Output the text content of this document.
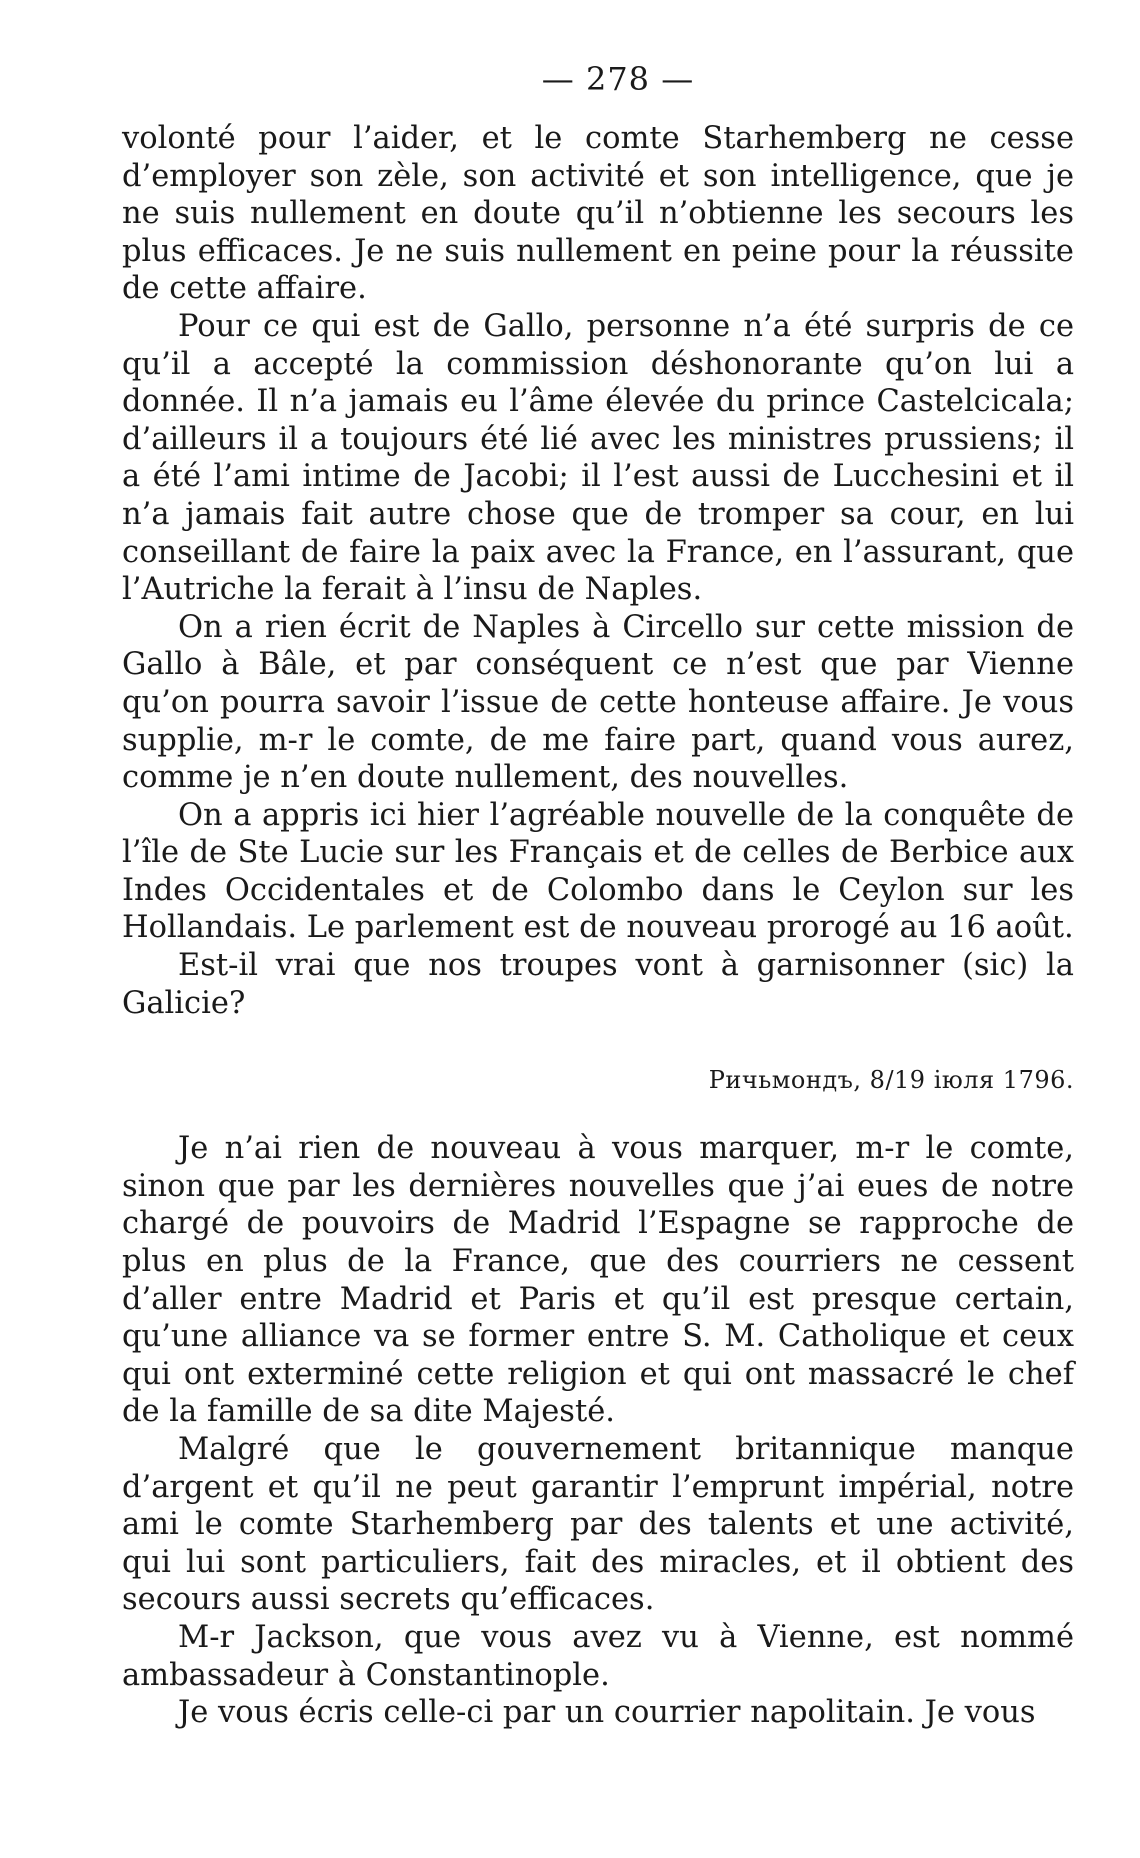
— 278 —

volonté pour l’aider, et le comte Starhemberg ne cesse d’employer son zèle, son activité et son intelligence, que je ne suis nullement en doute qu’il n’obtienne les secours les plus efficaces. Je ne suis nullement en peine pour la réussite de cette affaire.

Pour ce qui est de Gallo, personne n’a été surpris de ce qu’il a accepté la commission déshonorante qu’on lui a donnée. Il n’a jamais eu l’âme élevée du prince Castelcicala; d’ailleurs il a toujours été lié avec les ministres prussiens; il a été l’ami intime de Jacobi; il l’est aussi de Lucchesini et il n’a jamais fait autre chose que de tromper sa cour, en lui conseillant de faire la paix avec la France, en l’assurant, que l’Autriche la ferait à l’insu de Naples.

On a rien écrit de Naples à Circello sur cette mission de Gallo à Bâle, et par conséquent ce n’est que par Vienne qu’on pourra savoir l’issue de cette honteuse affaire. Je vous supplie, m-r le comte, de me faire part, quand vous aurez, comme je n’en doute nullement, des nouvelles.

On a appris ici hier l’agréable nouvelle de la conquête de l’île de Ste Lucie sur les Français et de celles de Berbice aux Indes Occidentales et de Colombo dans le Ceylon sur les Hollandais. Le parlement est de nouveau prorogé au 16 août.

Est-il vrai que nos troupes vont à garnisonner (sic) la Galicie?

Ричьмондъ, 8/19 іюля 1796.

Je n’ai rien de nouveau à vous marquer, m-r le comte, sinon que par les dernières nouvelles que j’ai eues de notre chargé de pouvoirs de Madrid l’Espagne se rapproche de plus en plus de la France, que des courriers ne cessent d’aller entre Madrid et Paris et qu’il est presque certain, qu’une alliance va se former entre S. M. Catholique et ceux qui ont exterminé cette religion et qui ont massacré le chef de la famille de sa dite Majesté.

Malgré que le gouvernement britannique manque d’argent et qu’il ne peut garantir l’emprunt impérial, notre ami le comte Starhemberg par des talents et une activité, qui lui sont particuliers, fait des miracles, et il obtient des secours aussi secrets qu’efficaces.

M-r Jackson, que vous avez vu à Vienne, est nommé ambassadeur à Constantinople.

Je vous écris celle-ci par un courrier napolitain. Je vous
